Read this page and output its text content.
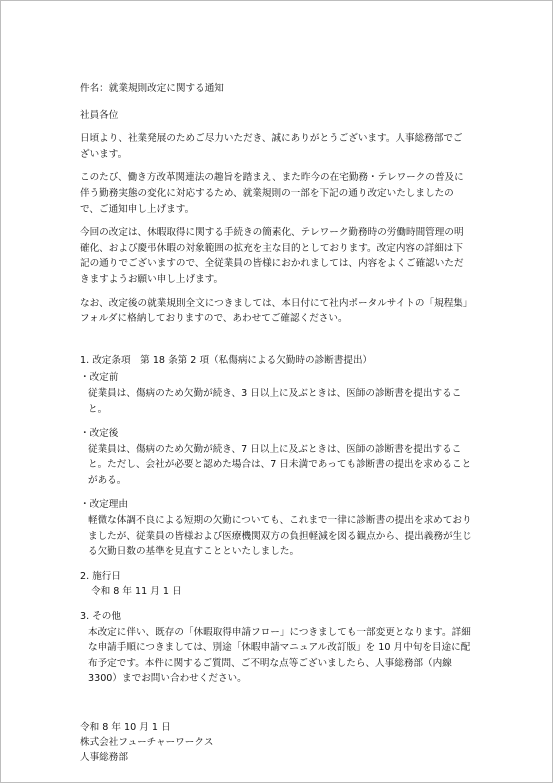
件名：就業規則改定に関する通知

社員各位

日頃より、社業発展のためご尽力いただき、誠にありがとうございます。人事総務部でございます。

このたび、働き方改革関連法の趣旨を踏まえ、また昨今の在宅勤務・テレワークの普及に伴う勤務実態の変化に対応するため、就業規則の一部を下記の通り改定いたしましたので、ご通知申し上げます。

今回の改定は、休暇取得に関する手続きの簡素化、テレワーク勤務時の労働時間管理の明確化、および慶弔休暇の対象範囲の拡充を主な目的としております。改定内容の詳細は下記の通りでございますので、全従業員の皆様におかれましては、内容をよくご確認いただきますようお願い申し上げます。

なお、改定後の就業規則全文につきましては、本日付にて社内ポータルサイトの「規程集」フォルダに格納しておりますので、あわせてご確認ください。

1. 改定条項　第 18 条第 2 項（私傷病による欠勤時の診断書提出）

・改定前

従業員は、傷病のため欠勤が続き、3 日以上に及ぶときは、医師の診断書を提出すること。

・改定後

従業員は、傷病のため欠勤が続き、7 日以上に及ぶときは、医師の診断書を提出すること。ただし、会社が必要と認めた場合は、7 日未満であっても診断書の提出を求めることがある。

・改定理由

軽微な体調不良による短期の欠勤についても、これまで一律に診断書の提出を求めておりましたが、従業員の皆様および医療機関双方の負担軽減を図る観点から、提出義務が生じる欠勤日数の基準を見直すことといたしました。

2. 施行日

令和 8 年 11 月 1 日

3. その他

本改定に伴い、既存の「休暇取得申請フロー」につきましても一部変更となります。詳細な申請手順につきましては、別途「休暇申請マニュアル改訂版」を 10 月中旬を目途に配布予定です。本件に関するご質問、ご不明な点等ございましたら、人事総務部（内線 3300）までお問い合わせください。

令和 8 年 10 月 1 日

株式会社フューチャーワークス

人事総務部
